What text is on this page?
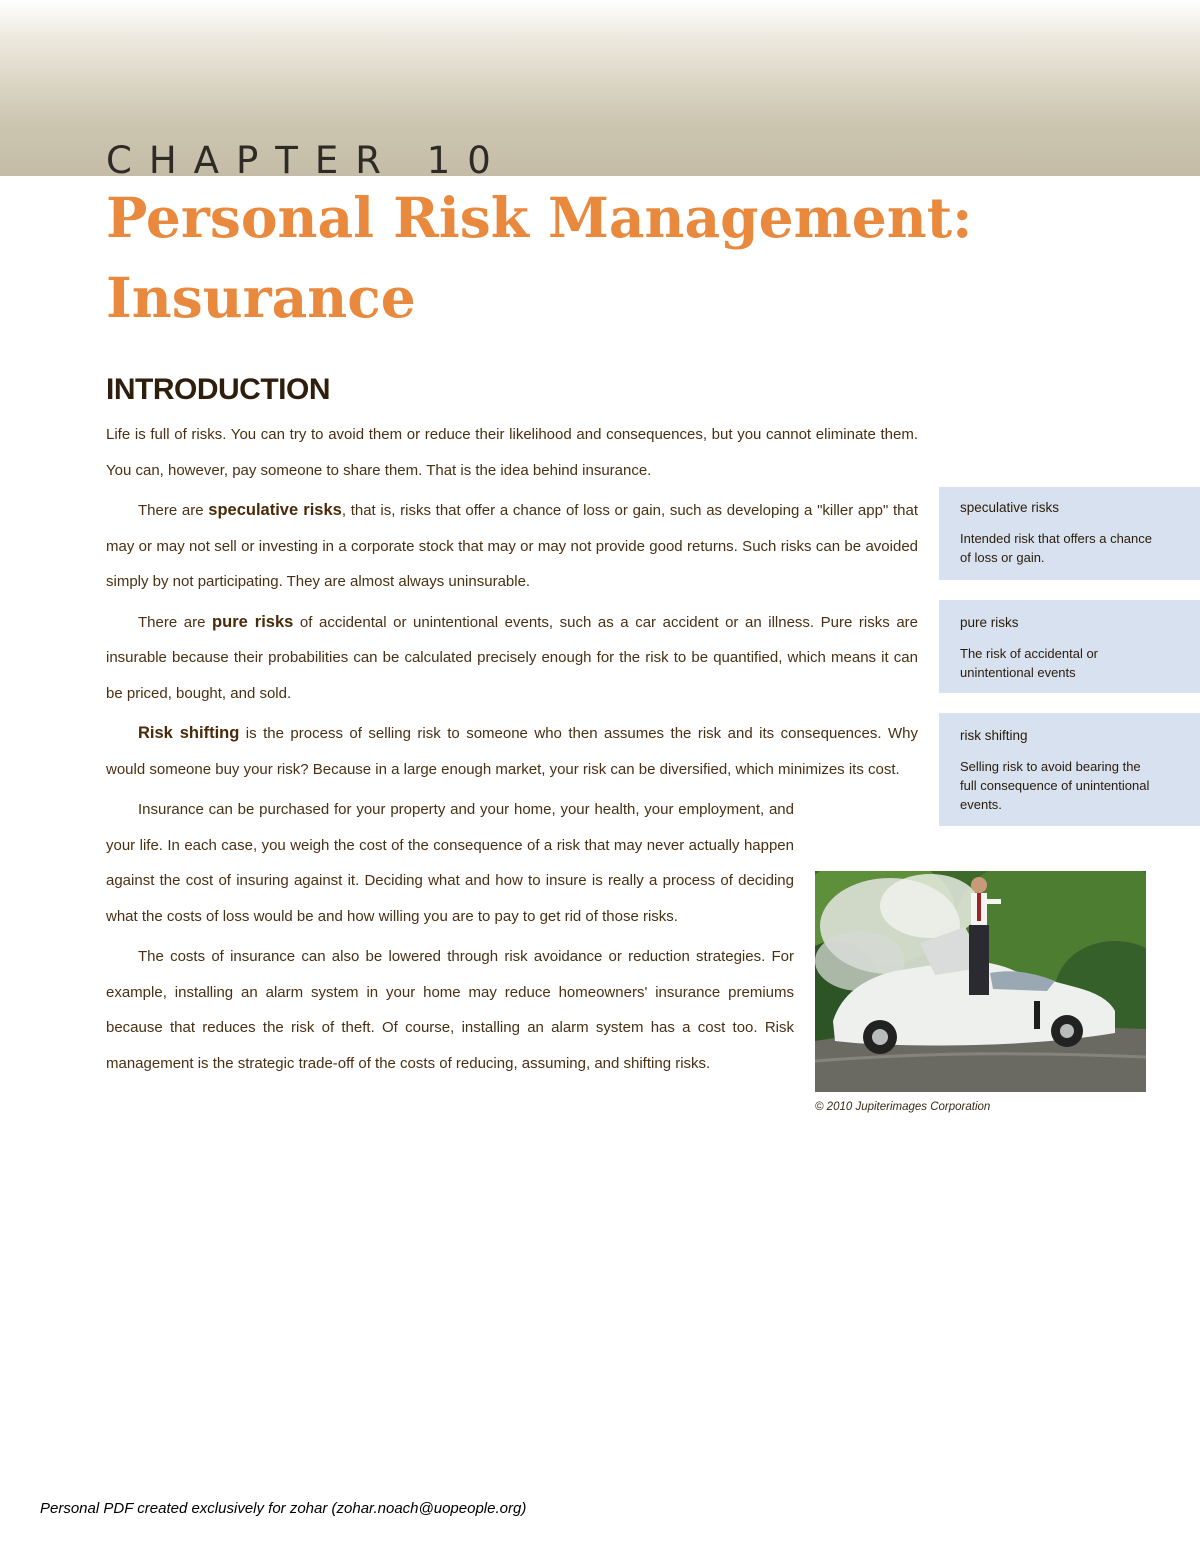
CHAPTER 10
Personal Risk Management: Insurance
INTRODUCTION

Life is full of risks. You can try to avoid them or reduce their likelihood and consequences, but you cannot eliminate them. You can, however, pay someone to share them. That is the idea behind insurance.

There are speculative risks, that is, risks that offer a chance of loss or gain, such as developing a "killer app" that may or may not sell or investing in a corporate stock that may or may not provide good returns. Such risks can be avoided simply by not participating. They are almost always uninsurable.

There are pure risks of accidental or unintentional events, such as a car accident or an illness. Pure risks are insurable because their probabilities can be calculated precisely enough for the risk to be quantified, which means it can be priced, bought, and sold.

Risk shifting is the process of selling risk to someone who then assumes the risk and its consequences. Why would someone buy your risk? Because in a large enough market, your risk can be diversified, which minimizes its cost.

Insurance can be purchased for your property and your home, your health, your employment, and your life. In each case, you weigh the cost of the consequence of a risk that may never actually happen against the cost of insuring against it. Deciding what and how to insure is really a process of deciding what the costs of loss would be and how willing you are to pay to get rid of those risks.

The costs of insurance can also be lowered through risk avoidance or reduction strategies. For example, installing an alarm system in your home may reduce homeowners' insurance premiums because that reduces the risk of theft. Of course, installing an alarm system has a cost too. Risk management is the strategic trade-off of the costs of reducing, assuming, and shifting risks.

speculative risks

Intended risk that offers a chance of loss or gain.

pure risks

The risk of accidental or unintentional events

risk shifting

Selling risk to avoid bearing the full consequence of unintentional events.

© 2010 Jupiterimages Corporation

Personal PDF created exclusively for zohar (zohar.noach@uopeople.org)
